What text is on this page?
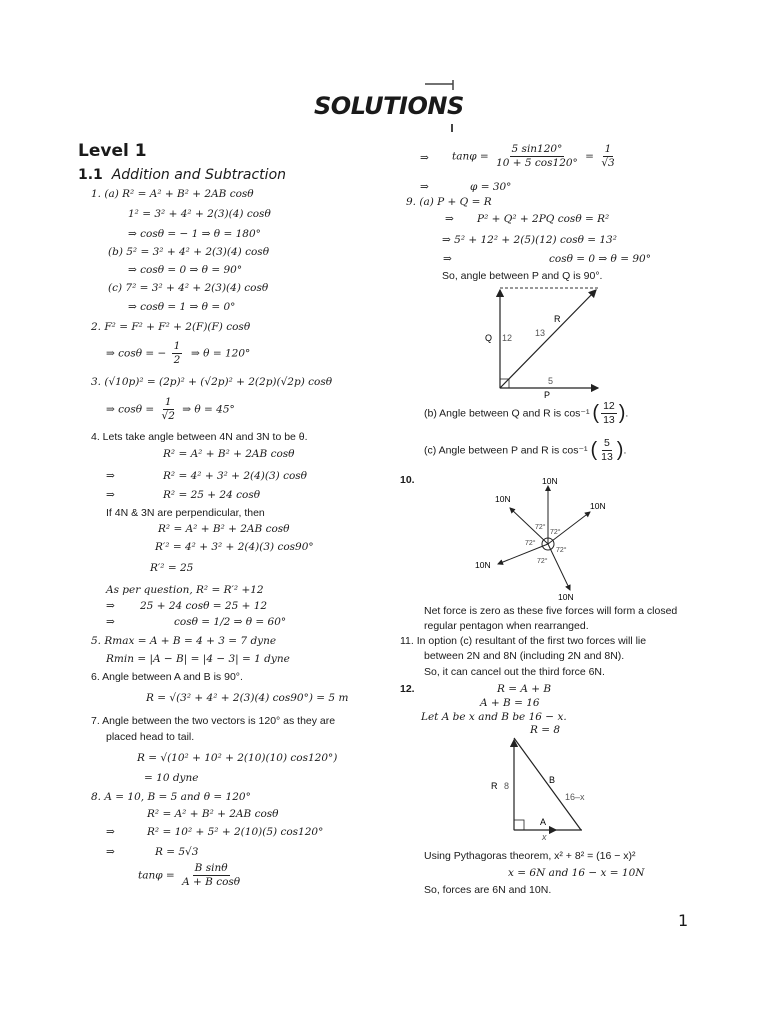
SOLUTIONS
Level 1
1.1 Addition and Subtraction
1. (a) R² = A² + B² + 2AB cosθ
1² = 3² + 4² + 2(3)(4) cosθ
⇒ cosθ = − 1 ⇒ θ = 180°
(b) 5² = 3² + 4² + 2(3)(4) cosθ
⇒ cosθ = 0 ⇒ θ = 90°
(c) 7² = 3² + 4² + 2(3)(4) cosθ
⇒ cosθ = 1 ⇒ θ = 0°
2. F² = F² + F² + 2(F)(F) cosθ
⇒ cosθ = − $\frac{1}{2}$ ⇒ θ = 120°
3. (√10p)² = (2p)² + (√2p)² + 2(2p)(√2p) cosθ
⇒ $\cos\theta = \frac{1}{√2}$ ⇒ θ = 45°
4. Lets take angle between 4N and 3N to be θ.
R² = A² + B² + 2AB cosθ
⇒	R² = 4² + 3² + 2(4)(3) cosθ
⇒	R² = 25 + 24 cosθ
If 4N & 3N are perpendicular, then
R² = A² + B² + 2AB cosθ
R′² = 4² + 3² + 2(4)(3) cos90°
R′² = 25
As per question, R² = R′² +12
⇒ 25 + 24 cosθ = 25 + 12
⇒	cosθ = 1/2 ⇒ θ = 60°
5. Rmax = A + B = 4 + 3 = 7 dyne
Rmin = |A − B| = |4 − 3| = 1 dyne
6. Angle between A and B is 90°.
R = √(3² + 4² + 2(3)(4) cos90°) = 5 m
7. Angle between the two vectors is 120° as they are
placed head to tail.
R = √(10² + 10² + 2(10)(10) cos120°)
= 10 dyne
8. A = 10, B = 5 and θ = 120°
R² = A² + B² + 2AB cosθ
⇒	R² = 10² + 5² + 2(10)(5) cos120°
⇒	R = 5√3
$\tan\varphi = \frac{\text{B sinθ}}{\text{A + B cosθ}}$
⇒ $\tan\varphi = \frac{5 \sin 120^\circ}{10 + 5 \cos 120^\circ} = \frac{1}{√3}$
⇒	φ = 30°
9. (a) P + Q = R
⇒ P² + Q² + 2PQ cosθ = R²
⇒ 5² + 12² + 2(5)(12) cosθ = 13²
⇒	cosθ = 0 ⇒ θ = 90°
So, angle between P and Q is 90°.
R
Q 12	13
5
P
(b) Angle between Q and R is cos⁻¹ ( $\frac{12}{13}$ ).
(c) Angle between P and R is cos⁻¹ ( $\frac{5}{13}$ ).
10.	10N
10N
10N
10N
10N
72°
72°
72°
72°
72°
Net force is zero as these five forces will form a closed
regular pentagon when rearranged.
11. In option (c) resultant of the first two forces will lie
between 2N and 8N (including 2N and 8N).
So, it can cancel out the third force 6N.
12.	R = A + B
A + B = 16
Let A be x and B be 16 − x.
R = 8
R 8
B
16–x
A
x
Using Pythagoras theorem, x² + 8² = (16 − x)²
x = 6N and 16 − x = 10N
So, forces are 6N and 10N.
1
